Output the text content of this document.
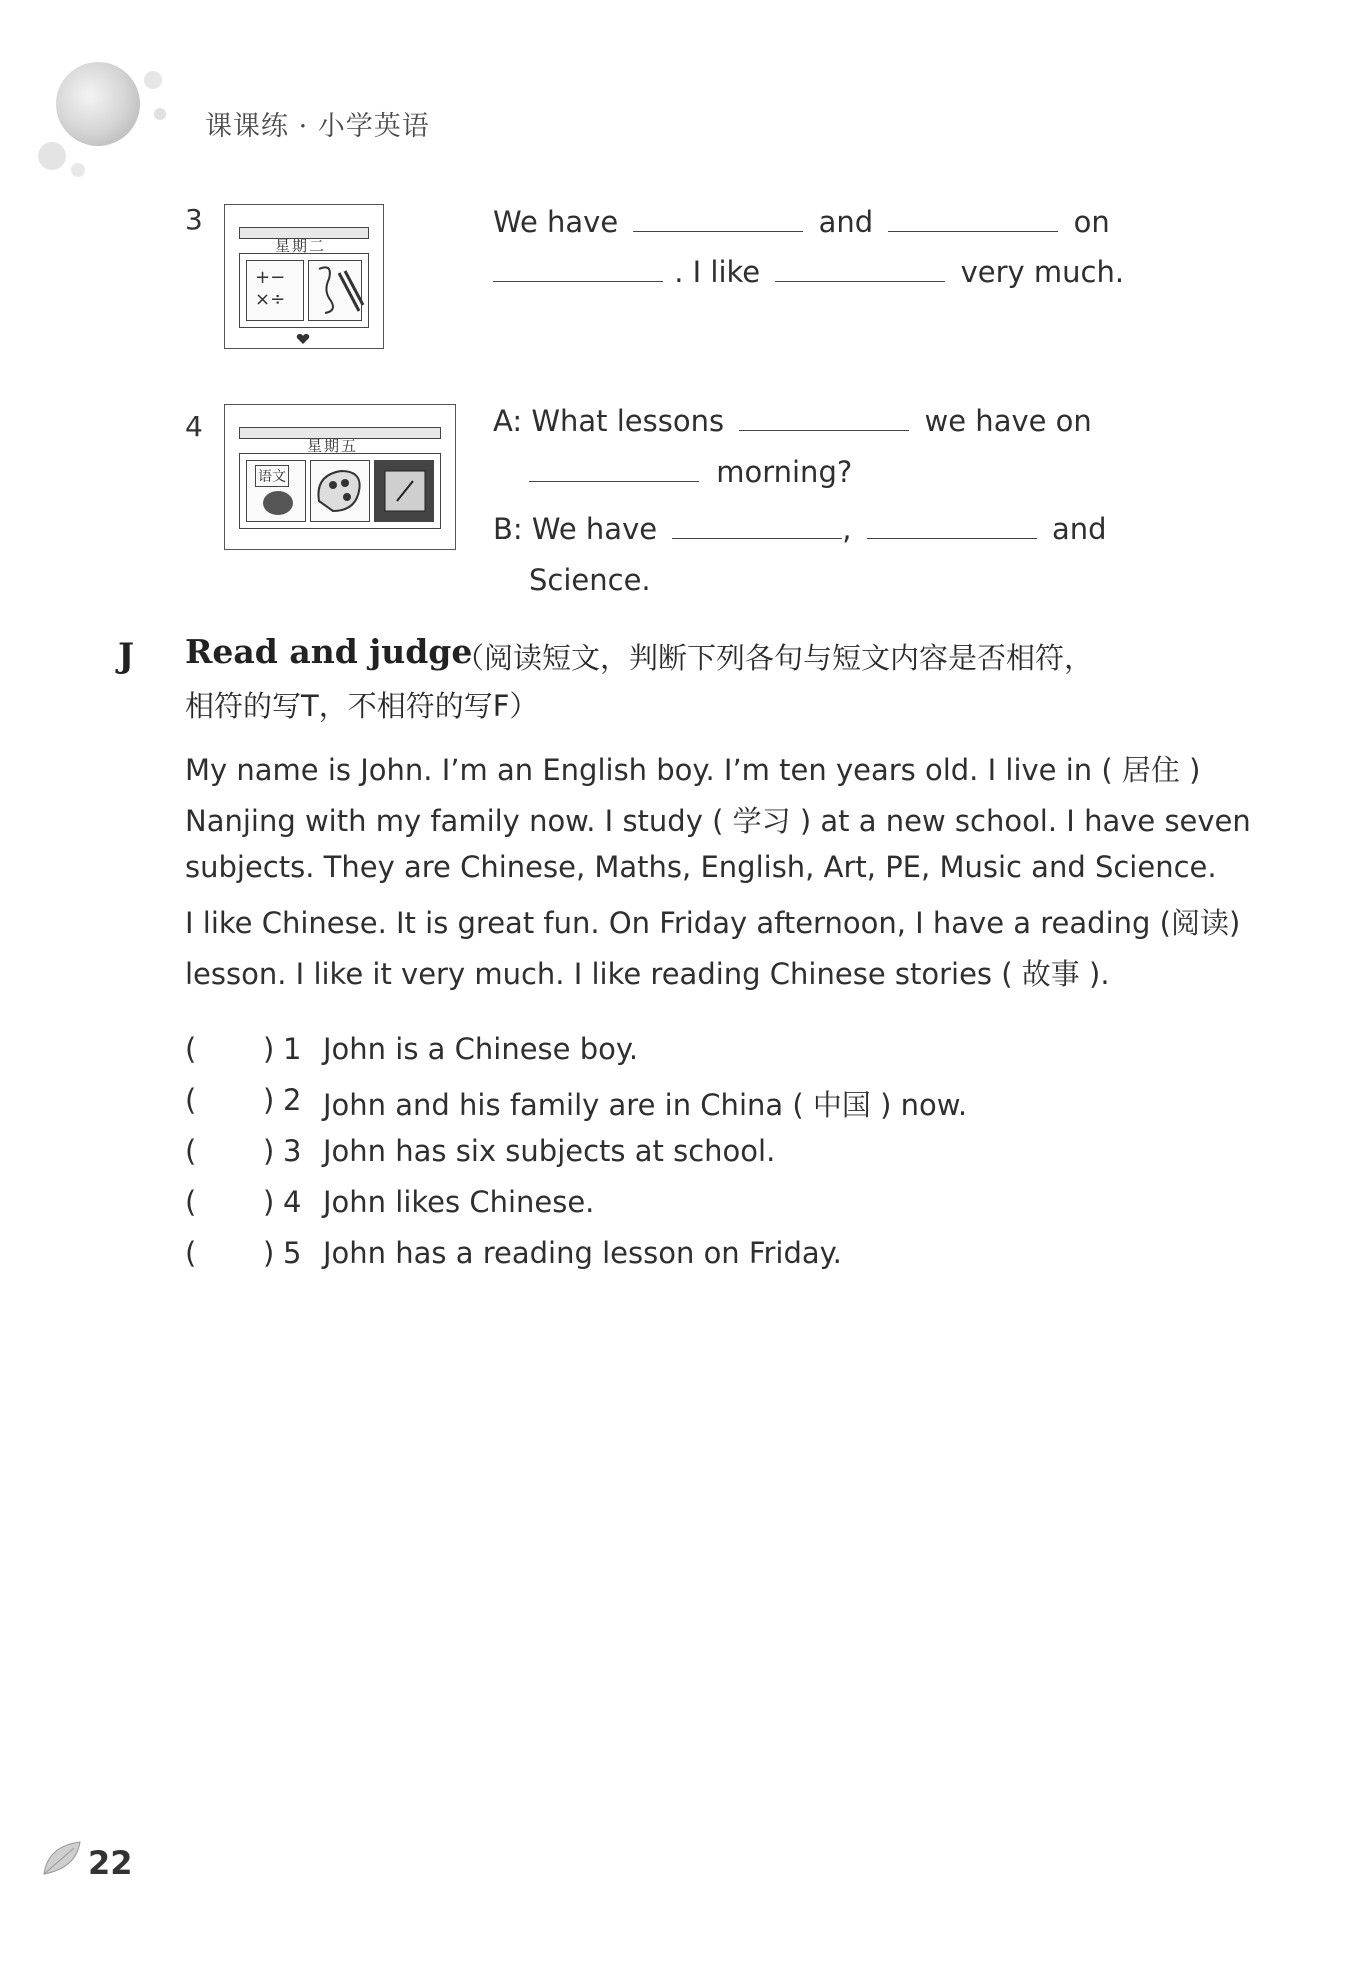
课课练 · 小学英语
3
星期二
+−
×÷
We have	and	on
. I like	very much.
4
星期五
语文
A: What lessons	we have on
morning?
B: We have	,	and
Science.
J Read and judge
（阅读短文，判断下列各句与短文内容是否相符，
相符的写T，不相符的写F）
My name is John. I’m an English boy. I’m ten years old. I live in ( 居住 )
Nanjing with my family now. I study ( 学习 ) at a new school. I have seven
subjects. They are Chinese, Maths, English, Art, PE, Music and Science.
I like Chinese. It is great fun. On Friday afternoon, I have a reading (阅读)
lesson. I like it very much. I like reading Chinese stories ( 故事 ).
( ) 1 John is a Chinese boy.
( ) 2 John and his family are in China ( 中国 ) now.
( ) 3 John has six subjects at school.
( ) 4 John likes Chinese.
( ) 5 John has a reading lesson on Friday.
22
